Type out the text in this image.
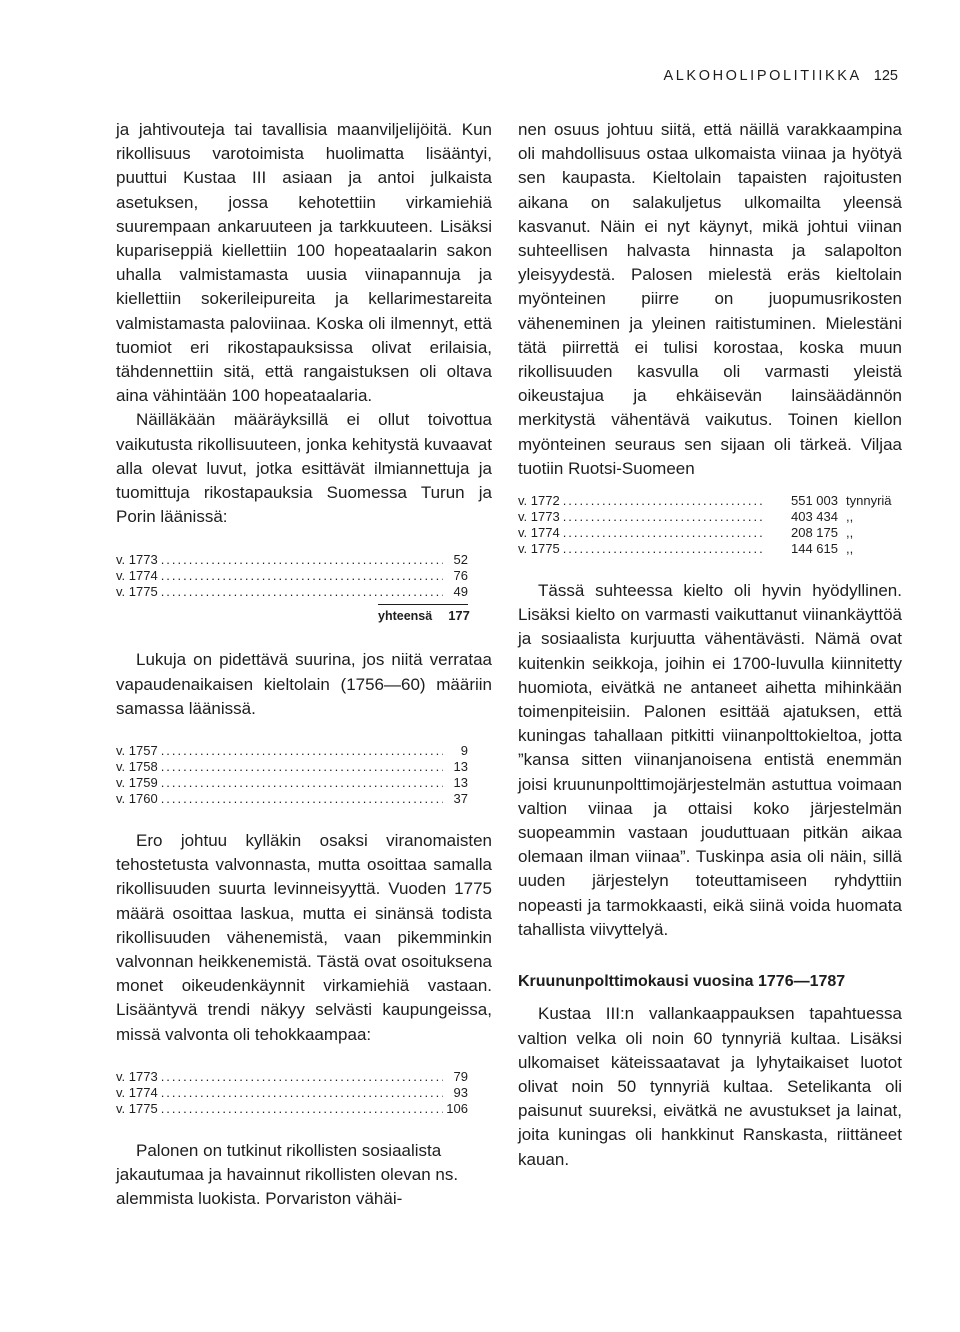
ALKOHOLIPOLITIIKKA 125

ja jahtivouteja tai tavallisia maanviljelijöitä. Kun rikollisuus varotoimista huolimatta lisääntyi, puuttui Kustaa III asiaan ja antoi julkaista asetuksen, jossa kehotettiin virkamiehiä suurempaan ankaruuteen ja tarkkuuteen. Lisäksi kupariseppiä kiellettiin 100 hopeataalarin sakon uhalla valmistamasta uusia viinapannuja ja kiellettiin sokerileipureita ja kellarimestareita valmistamasta paloviinaa. Koska oli ilmennyt, että tuomiot eri rikostapauksissa olivat erilaisia, tähdennettiin sitä, että rangaistuksen oli oltava aina vähintään 100 hopeataalaria.

Näilläkään määräyksillä ei ollut toivottua vaikutusta rikollisuuteen, jonka kehitystä kuvaavat alla olevat luvut, jotka esittävät ilmiannettuja ja tuomittuja rikostapauksia Suomessa Turun ja Porin läänissä:

v. 1773 .....	52
v. 1774 .....	76
v. 1775 .....	49
yhteensä 177

Lukuja on pidettävä suurina, jos niitä verrataa vapaudenaikaisen kieltolain (1756—60) määriin samassa läänissä.

v. 1757 .....	9
v. 1758 .....	13
v. 1759 .....	13
v. 1760 .....	37

Ero johtuu kylläkin osaksi viranomaisten tehostetusta valvonnasta, mutta osoittaa samalla rikollisuuden suurta levinneisyyttä. Vuoden 1775 määrä osoittaa laskua, mutta ei sinänsä todista rikollisuuden vähenemistä, vaan pikemminkin valvonnan heikkenemistä. Tästä ovat osoituksena monet oikeudenkäynnit virkamiehiä vastaan. Lisääntyvä trendi näkyy selvästi kaupungeissa, missä valvonta oli tehokkaampaa:

v. 1773 .....	79
v. 1774 .....	93
v. 1775 .....	106

Palonen on tutkinut rikollisten sosiaalista jakautumaa ja havainnut rikollisten olevan ns. alemmista luokista. Porvariston vähäi-

nen osuus johtuu siitä, että näillä varakkaampina oli mahdollisuus ostaa ulkomaista viinaa ja hyötyä sen kaupasta. Kieltolain tapaisten rajoitusten aikana on salakuljetus ulkomailta yleensä kasvanut. Näin ei nyt käynyt, mikä johtui viinan suhteellisen halvasta hinnasta ja salapolton yleisyydestä. Palosen mielestä eräs kieltolain myönteinen piirre on juopumusrikosten väheneminen ja yleinen raitistuminen. Mielestäni tätä piirrettä ei tulisi korostaa, koska muun rikollisuuden kasvulla oli varmasti yleistä oikeustajua ja ehkäisevän lainsäädännön merkitystä vähentävä vaikutus. Toinen kiellon myönteinen seuraus sen sijaan oli tärkeä. Viljaa tuotiin Ruotsi-Suomeen

v. 1772 .....	551 003 tynnyriä
v. 1773 .....	403 434 ,,
v. 1774 .....	208 175 ,,
v. 1775 .....	144 615 ,,

Tässä suhteessa kielto oli hyvin hyödyllinen. Lisäksi kielto on varmasti vaikuttanut viinankäyttöä ja sosiaalista kurjuutta vähentävästi. Nämä ovat kuitenkin seikkoja, joihin ei 1700-luvulla kiinnitetty huomiota, eivätkä ne antaneet aihetta mihinkään toimenpiteisiin. Palonen esittää ajatuksen, että kuningas tahallaan pitkitti viinanpolttokieltoa, jotta ”kansa sitten viinanjanoisena entistä enemmän joisi kruununpolttimojärjestelmän astuttua voimaan valtion viinaa ja ottaisi koko järjestelmän suopeammin vastaan jouduttuaan pitkän aikaa olemaan ilman viinaa”. Tuskinpa asia oli näin, sillä uuden järjestelyn toteuttamiseen ryhdyttiin nopeasti ja tarmokkaasti, eikä siinä voida huomata tahallista viivyttelyä.

Kruununpolttimokausi vuosina 1776—1787

Kustaa III:n vallankaappauksen tapahtuessa valtion velka oli noin 60 tynnyriä kultaa. Lisäksi ulkomaiset käteissaatavat ja lyhytaikaiset luotot olivat noin 50 tynnyriä kultaa. Setelikanta oli paisunut suureksi, eivätkä ne avustukset ja lainat, joita kuningas oli hankkinut Ranskasta, riittäneet kauan.
